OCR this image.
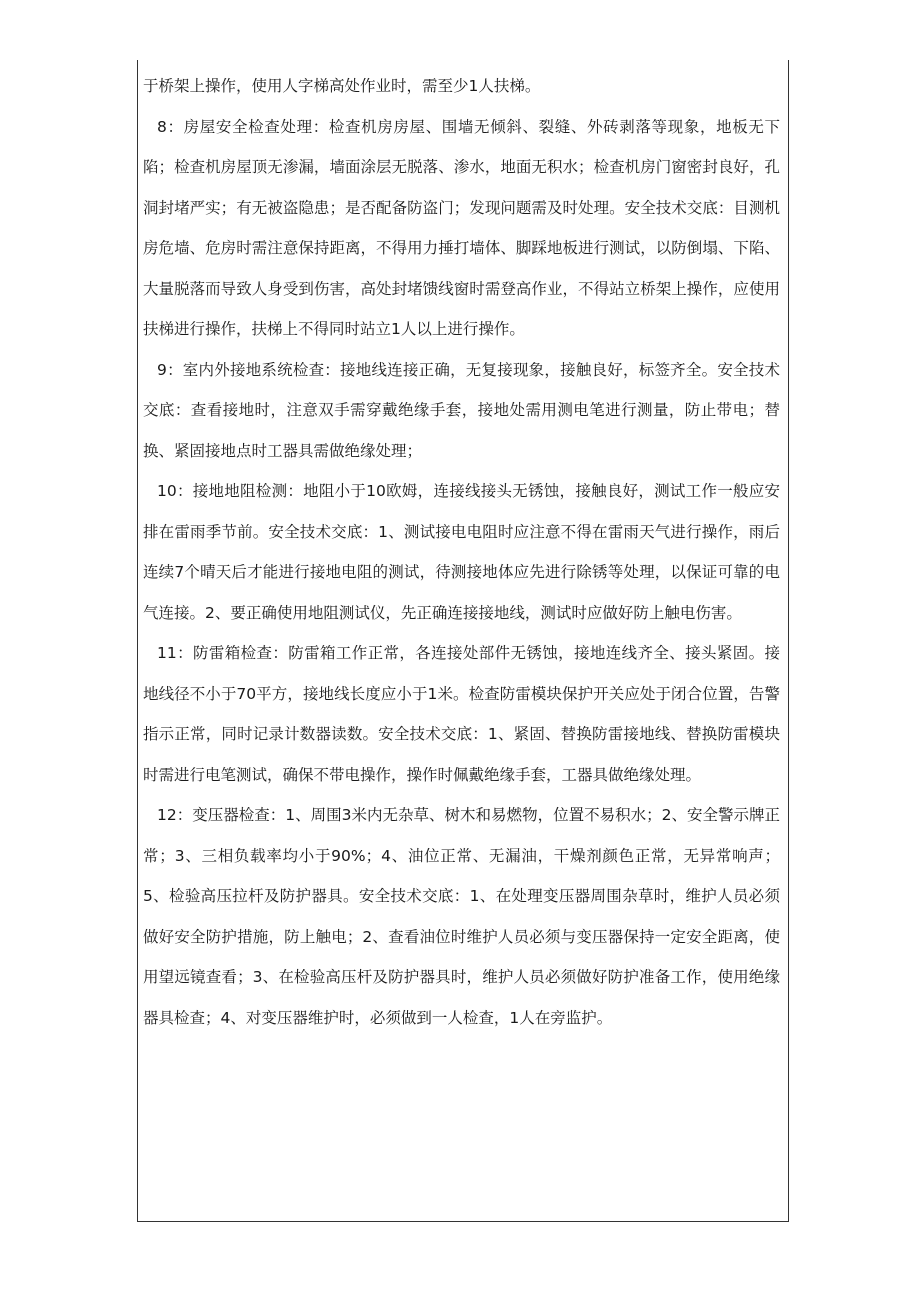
于桥架上操作，使用人字梯高处作业时，需至少1人扶梯。

8：房屋安全检查处理：检查机房房屋、围墙无倾斜、裂缝、外砖剥落等现象，地板无下陷；检查机房屋顶无渗漏，墙面涂层无脱落、渗水，地面无积水；检查机房门窗密封良好，孔洞封堵严实；有无被盗隐患；是否配备防盗门；发现问题需及时处理。安全技术交底：目测机房危墙、危房时需注意保持距离，不得用力捶打墙体、脚踩地板进行测试，以防倒塌、下陷、大量脱落而导致人身受到伤害，高处封堵馈线窗时需登高作业，不得站立桥架上操作，应使用扶梯进行操作，扶梯上不得同时站立1人以上进行操作。

9：室内外接地系统检查：接地线连接正确，无复接现象，接触良好，标签齐全。安全技术交底：查看接地时，注意双手需穿戴绝缘手套，接地处需用测电笔进行测量，防止带电；替换、紧固接地点时工器具需做绝缘处理；

10：接地地阻检测：地阻小于10欧姆，连接线接头无锈蚀，接触良好，测试工作一般应安排在雷雨季节前。安全技术交底：1、测试接电电阻时应注意不得在雷雨天气进行操作，雨后连续7个晴天后才能进行接地电阻的测试，待测接地体应先进行除锈等处理，以保证可靠的电气连接。2、要正确使用地阻测试仪，先正确连接接地线，测试时应做好防上触电伤害。

11：防雷箱检查：防雷箱工作正常，各连接处部件无锈蚀，接地连线齐全、接头紧固。接地线径不小于70平方，接地线长度应小于1米。检查防雷模块保护开关应处于闭合位置，告警指示正常，同时记录计数器读数。安全技术交底：1、紧固、替换防雷接地线、替换防雷模块时需进行电笔测试，确保不带电操作，操作时佩戴绝缘手套，工器具做绝缘处理。

12：变压器检查：1、周围3米内无杂草、树木和易燃物，位置不易积水；2、安全警示牌正常；3、三相负载率均小于90%；4、油位正常、无漏油，干燥剂颜色正常，无异常响声；5、检验高压拉杆及防护器具。安全技术交底：1、在处理变压器周围杂草时，维护人员必须做好安全防护措施，防上触电；2、查看油位时维护人员必须与变压器保持一定安全距离，使用望远镜查看；3、在检验高压杆及防护器具时，维护人员必须做好防护准备工作，使用绝缘器具检查；4、对变压器维护时，必须做到一人检查，1人在旁监护。
